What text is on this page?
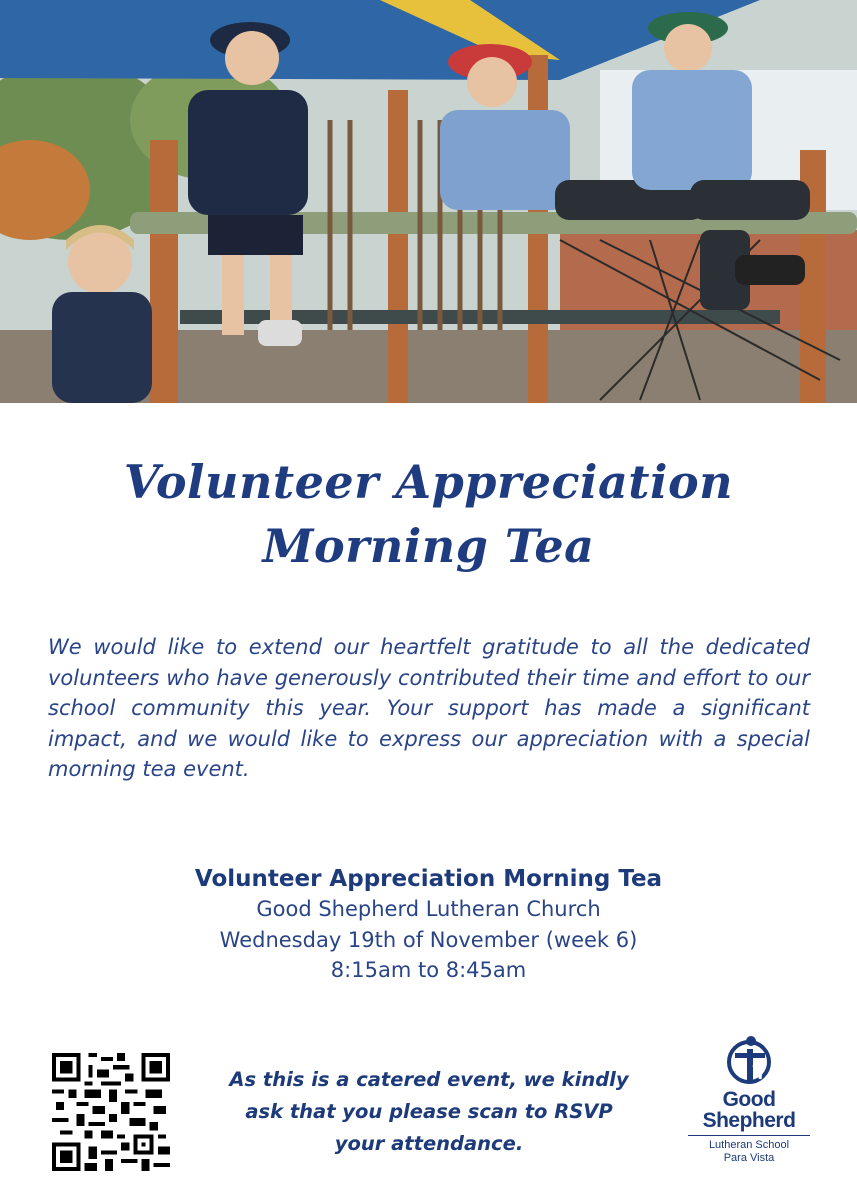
Volunteer Appreciation
Morning Tea

We would like to extend our heartfelt gratitude to all the dedicated volunteers who have generously contributed their time and effort to our school community this year. Your support has made a significant impact, and we would like to express our appreciation with a special morning tea event.

Volunteer Appreciation Morning Tea
Good Shepherd Lutheran Church
Wednesday 19th of November (week 6)
8:15am to 8:45am

As this is a catered event, we kindly
ask that you please scan to RSVP
your attendance.

Good
Shepherd
Lutheran School
Para Vista
